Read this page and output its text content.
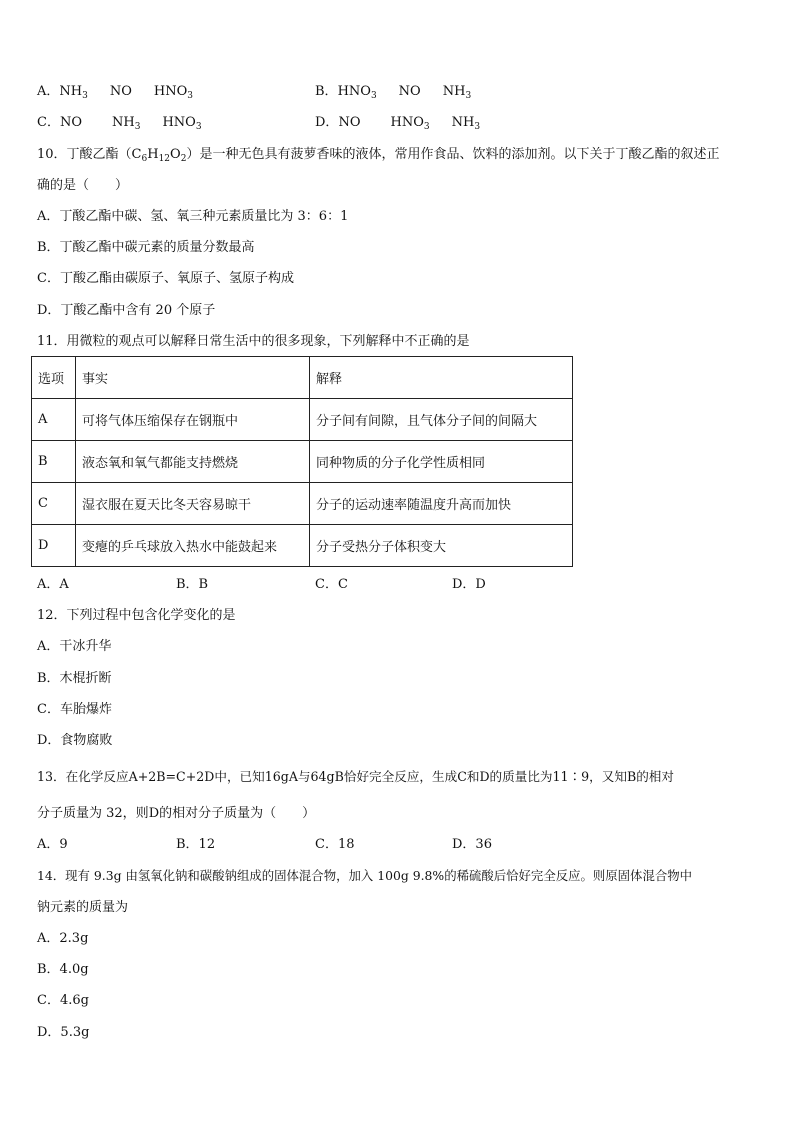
A．$NH_3$ NO $HNO_3$	B．$HNO_3$ NO $NH_3$
C．NO $NH_3$ $HNO_3$	D．NO $HNO_3$ $NH_3$
10．丁酸乙酯$(C_6H_{12}O_2)$是一种无色具有菠萝香味的液体，常用作食品、饮料的添加剂。以下关于丁酸乙酯的叙述正
确的是（　　）
A．丁酸乙酯中碳、氢、氧三种元素质量比为 3：6：1
B．丁酸乙酯中碳元素的质量分数最高
C．丁酸乙酯由碳原子、氧原子、氢原子构成
D．丁酸乙酯中含有 20 个原子
11．用微粒的观点可以解释日常生活中的很多现象，下列解释中不正确的是
选项	事实	解释
A	可将气体压缩保存在钢瓶中	分子间有间隙，且气体分子间的间隔大
B	液态氧和氧气都能支持燃烧	同种物质的分子化学性质相同
C	湿衣服在夏天比冬天容易晾干	分子的运动速率随温度升高而加快
D	变瘪的乒乓球放入热水中能鼓起来	分子受热分子体积变大
A．A	B．B	C．C	D．D
12．下列过程中包含化学变化的是
A．干冰升华
B．木棍折断
C．车胎爆炸
D．食物腐败
13．在化学反应A+2B=C+2D中，已知16gA与64gB恰好完全反应，生成C和D的质量比为11∶9，又知B的相对
分子质量为 32，则D的相对分子质量为（　　）
A．9	B．12	C．18	D．36
14．现有 9.3g 由氢氧化钠和碳酸钠组成的固体混合物，加入 100g 9.8%的稀硫酸后恰好完全反应。则原固体混合物中
钠元素的质量为
A．2.3g
B．4.0g
C．4.6g
D．5.3g
